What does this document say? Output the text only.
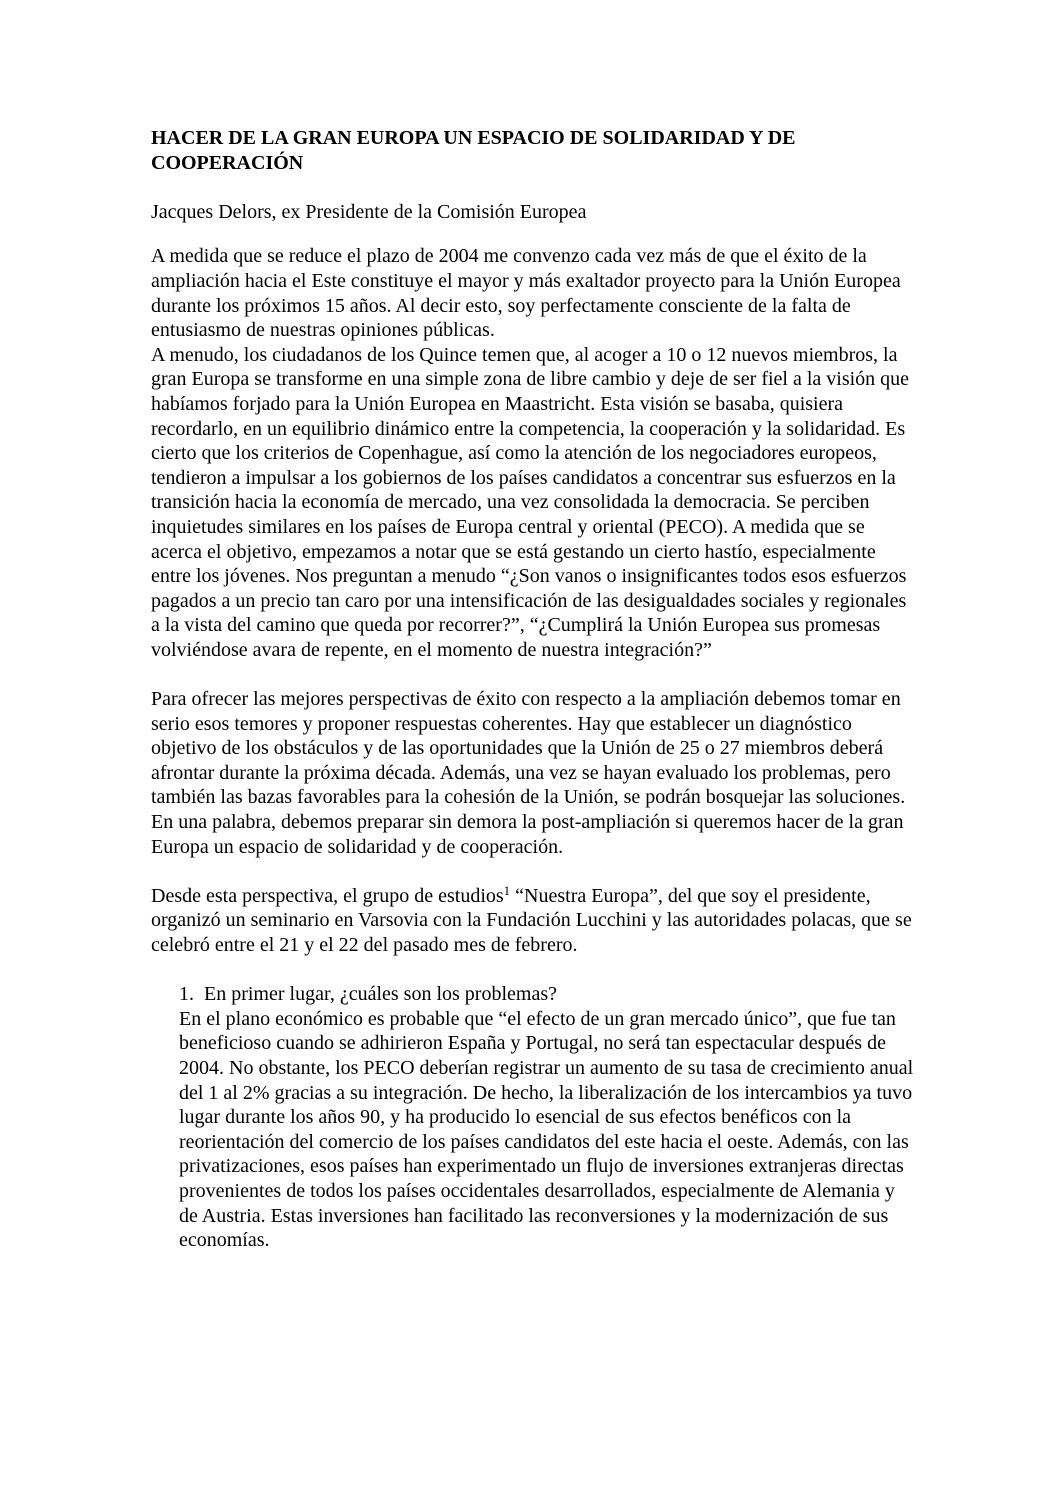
HACER DE LA GRAN EUROPA UN ESPACIO DE SOLIDARIDAD Y DE COOPERACIÓN

Jacques Delors, ex Presidente de la Comisión Europea

A medida que se reduce el plazo de 2004 me convenzo cada vez más de que el éxito de la ampliación hacia el Este constituye el mayor y más exaltador proyecto para la Unión Europea durante los próximos 15 años. Al decir esto, soy perfectamente consciente de la falta de entusiasmo de nuestras opiniones públicas.

A menudo, los ciudadanos de los Quince temen que, al acoger a 10 o 12 nuevos miembros, la gran Europa se transforme en una simple zona de libre cambio y deje de ser fiel a la visión que habíamos forjado para la Unión Europea en Maastricht. Esta visión se basaba, quisiera recordarlo, en un equilibrio dinámico entre la competencia, la cooperación y la solidaridad. Es cierto que los criterios de Copenhague, así como la atención de los negociadores europeos, tendieron a impulsar a los gobiernos de los países candidatos a concentrar sus esfuerzos en la transición hacia la economía de mercado, una vez consolidada la democracia. Se perciben inquietudes similares en los países de Europa central y oriental (PECO). A medida que se acerca el objetivo, empezamos a notar que se está gestando un cierto hastío, especialmente entre los jóvenes. Nos preguntan a menudo “¿Son vanos o insignificantes todos esos esfuerzos pagados a un precio tan caro por una intensificación de las desigualdades sociales y regionales a la vista del camino que queda por recorrer?”, “¿Cumplirá la Unión Europea sus promesas volviéndose avara de repente, en el momento de nuestra integración?”

Para ofrecer las mejores perspectivas de éxito con respecto a la ampliación debemos tomar en serio esos temores y proponer respuestas coherentes. Hay que establecer un diagnóstico objetivo de los obstáculos y de las oportunidades que la Unión de 25 o 27 miembros deberá afrontar durante la próxima década. Además, una vez se hayan evaluado los problemas, pero también las bazas favorables para la cohesión de la Unión, se podrán bosquejar las soluciones. En una palabra, debemos preparar sin demora la post-ampliación si queremos hacer de la gran Europa un espacio de solidaridad y de cooperación.

Desde esta perspectiva, el grupo de estudios$^1$ “Nuestra Europa”, del que soy el presidente, organizó un seminario en Varsovia con la Fundación Lucchini y las autoridades polacas, que se celebró entre el 21 y el 22 del pasado mes de febrero.

1. En primer lugar, ¿cuáles son los problemas?

En el plano económico es probable que “el efecto de un gran mercado único”, que fue tan beneficioso cuando se adhirieron España y Portugal, no será tan espectacular después de 2004. No obstante, los PECO deberían registrar un aumento de su tasa de crecimiento anual del 1 al 2% gracias a su integración. De hecho, la liberalización de los intercambios ya tuvo lugar durante los años 90, y ha producido lo esencial de sus efectos benéficos con la reorientación del comercio de los países candidatos del este hacia el oeste. Además, con las privatizaciones, esos países han experimentado un flujo de inversiones extranjeras directas provenientes de todos los países occidentales desarrollados, especialmente de Alemania y de Austria. Estas inversiones han facilitado las reconversiones y la modernización de sus economías.
